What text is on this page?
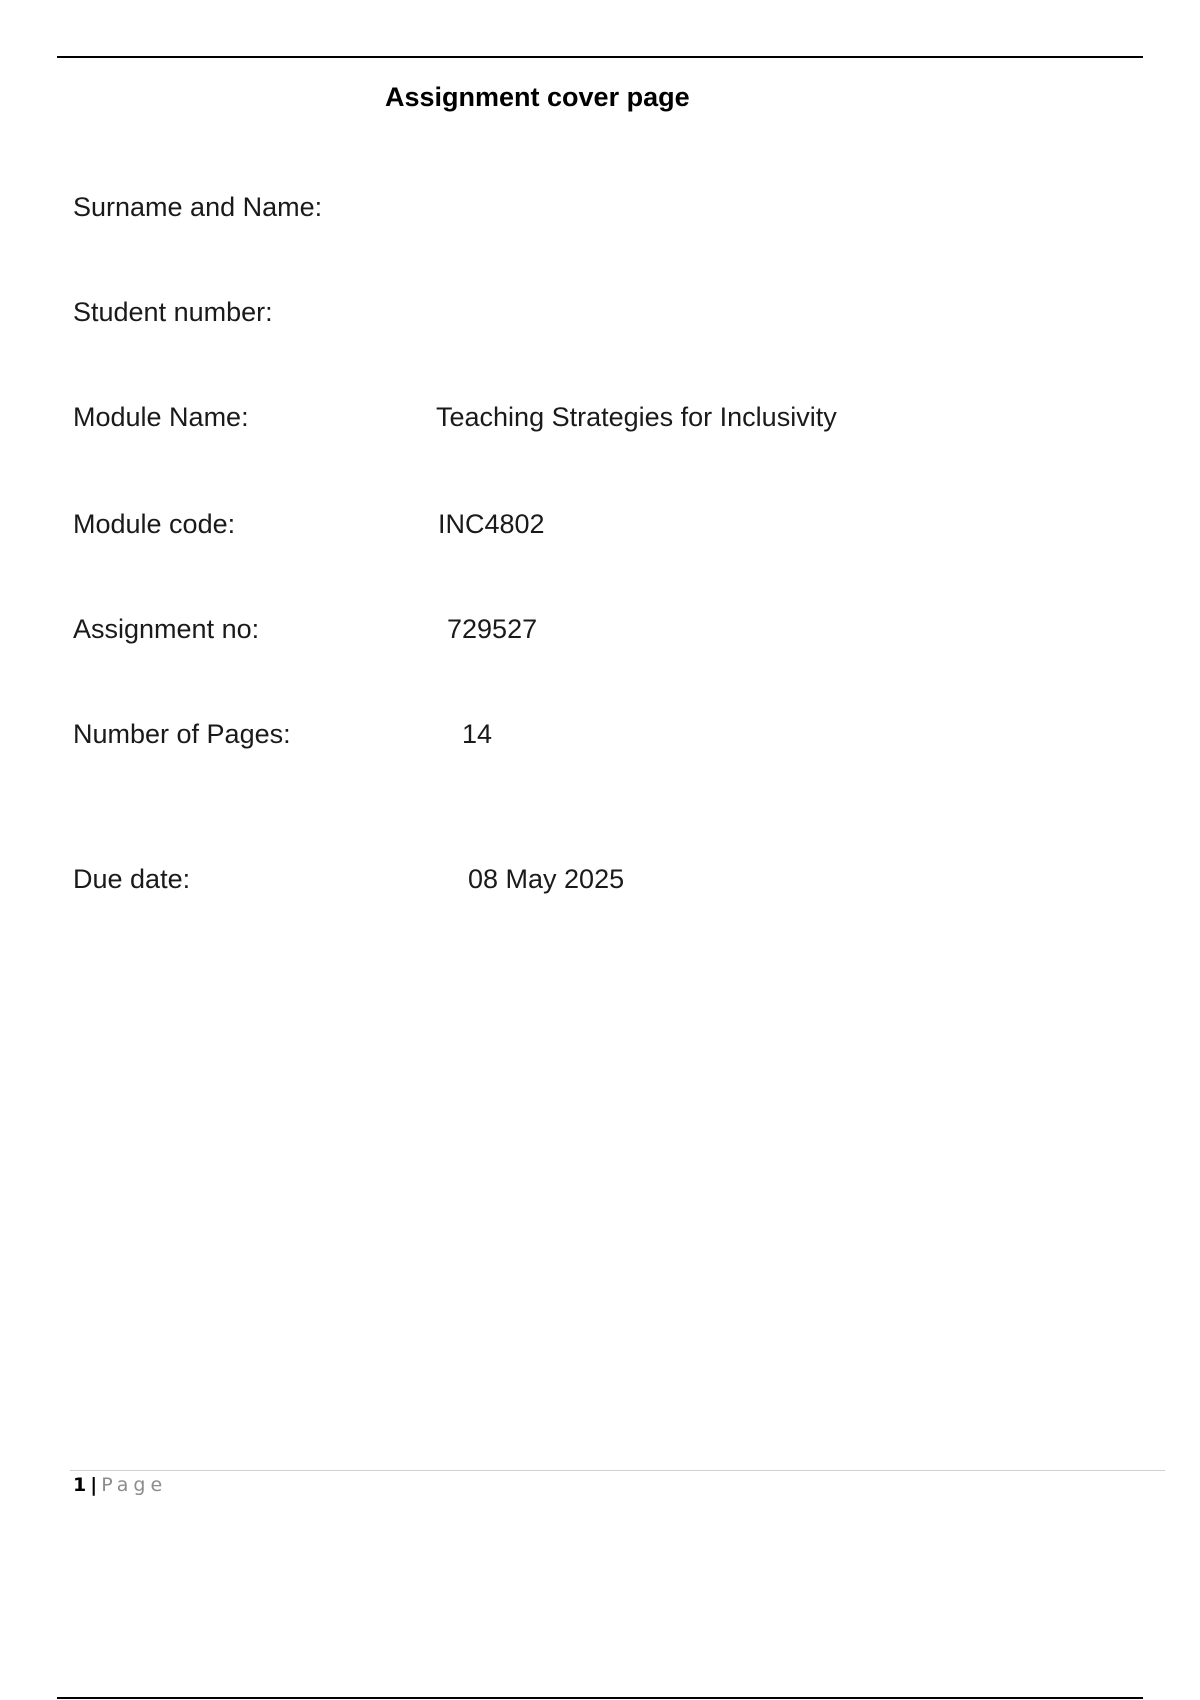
Assignment cover page
Surname and Name:
Student number:
Module Name:	Teaching Strategies for Inclusivity
Module code:	INC4802
Assignment no:	729527
Number of Pages:	14
Due date:	08 May 2025
1 | Page
